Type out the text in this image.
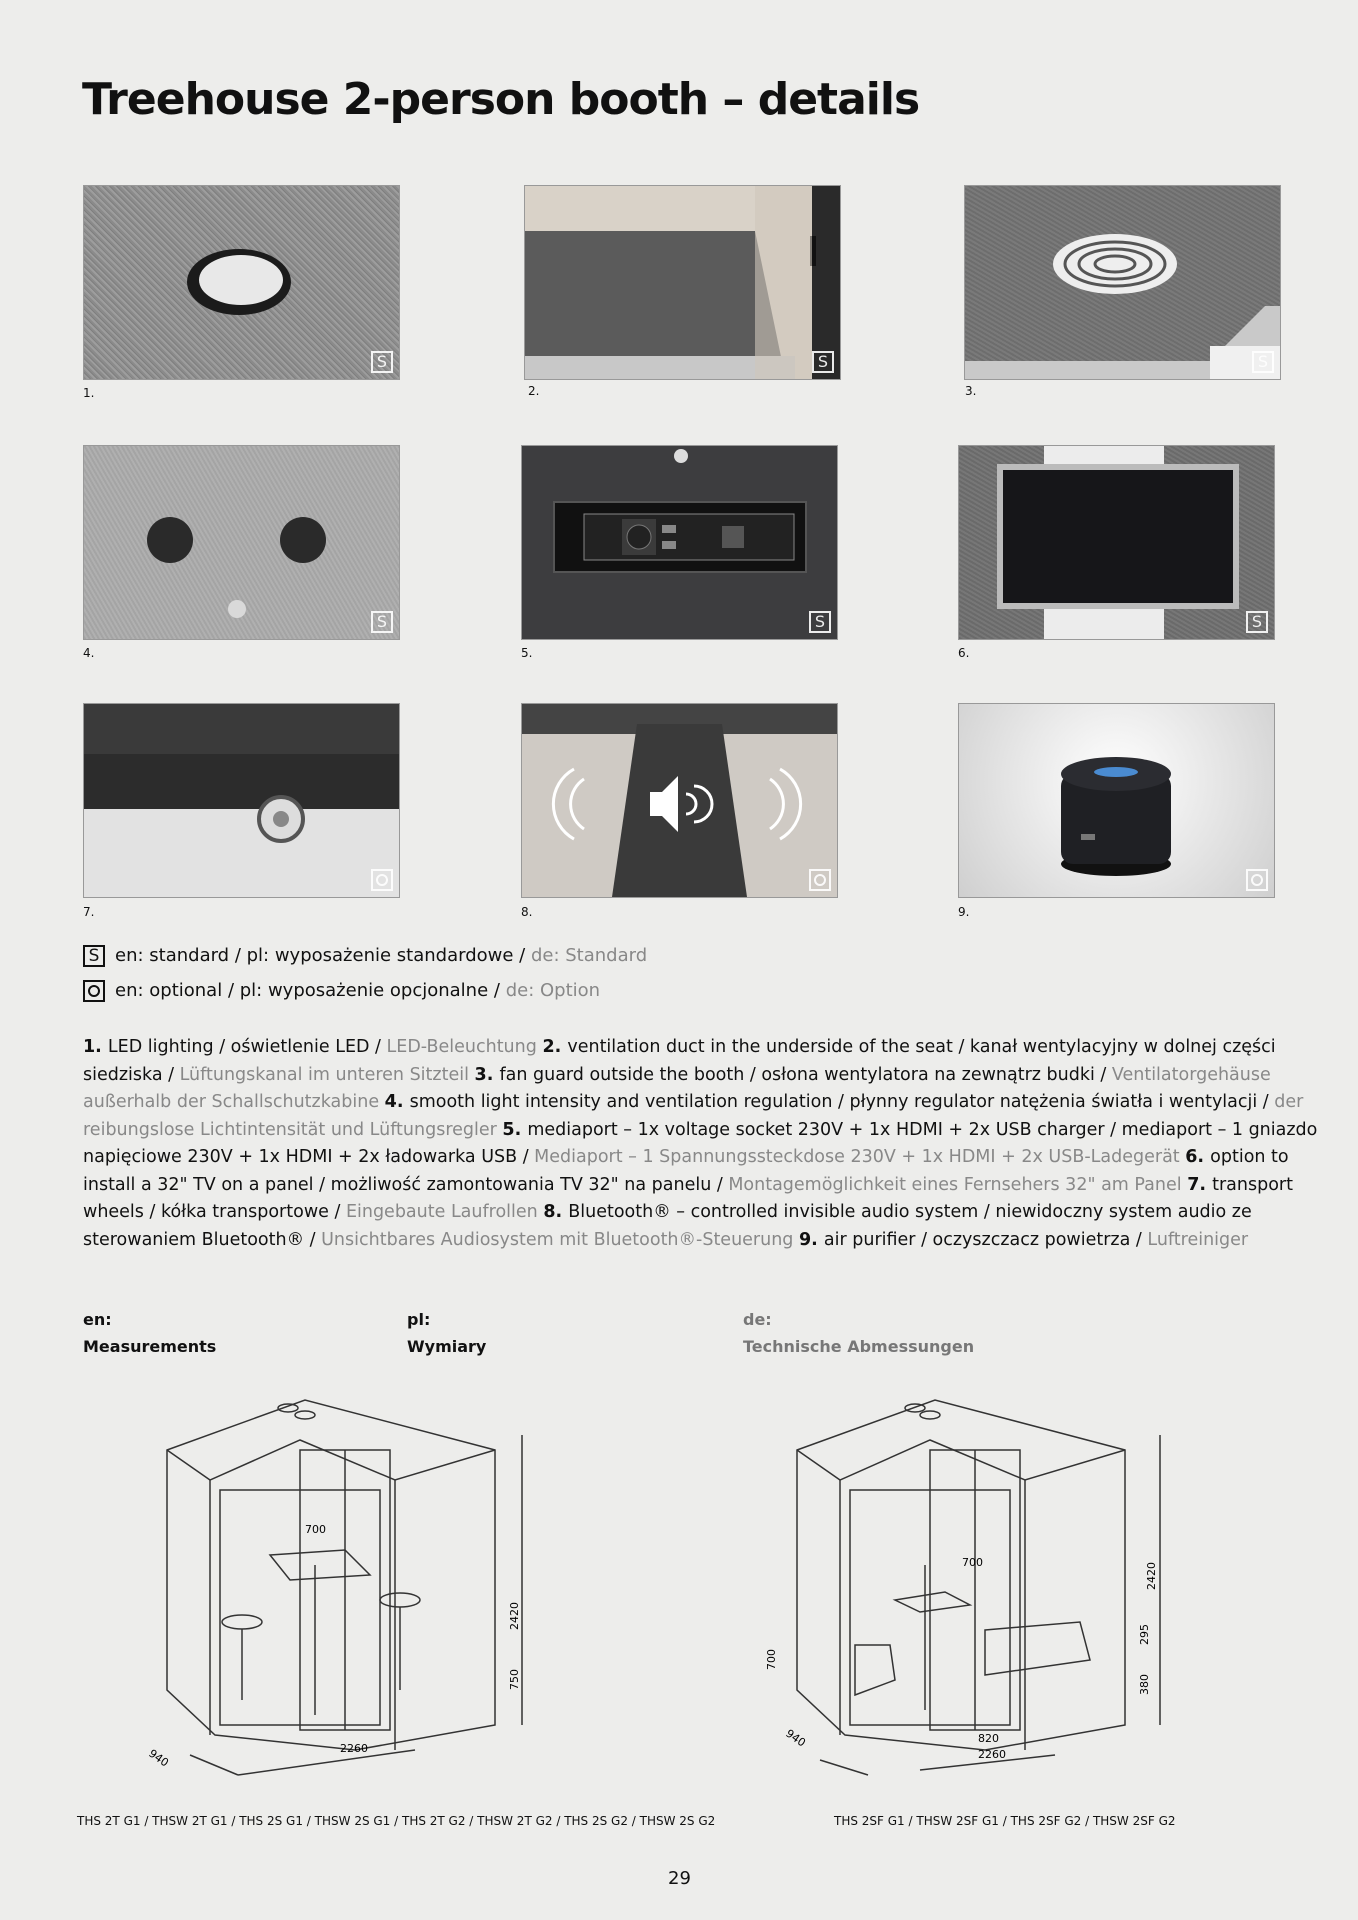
Treehouse 2-person booth – details
S
1.
S
2.
S
3.
S
4.
S
5.
S
6.
7.	8.	9.
S en: standard / pl: wyposażenie standardowe / de: Standard
en: optional / pl: wyposażenie opcjonalne / de: Option
1. LED lighting / oświetlenie LED / LED-Beleuchtung 2. ventilation duct in the underside of the seat / kanał wentylacyjny w dolnej części siedziska / Lüftungskanal im unteren Sitzteil 3. fan guard outside the booth / osłona wentylatora na zewnątrz budki / Ventilatorgehäuse außerhalb der Schallschutzkabine 4. smooth light intensity and ventilation regulation / płynny regulator natężenia światła i wentylacji / der reibungslose Lichtintensität und Lüftungsregler 5. mediaport – 1x voltage socket 230V + 1x HDMI + 2x USB charger / mediaport – 1 gniazdo napięciowe 230V + 1x HDMI + 2x ładowarka USB / Mediaport – 1 Spannungssteckdose 230V + 1x HDMI + 2x USB-Ladegerät 6. option to install a 32" TV on a panel / możliwość zamontowania TV 32" na panelu / Montagemöglichkeit eines Fernsehers 32" am Panel 7. transport wheels / kółka transportowe / Eingebaute Laufrollen 8. Bluetooth® – controlled invisible audio system / niewidoczny system audio ze sterowaniem Bluetooth® / Unsichtbares Audiosystem mit Bluetooth®-Steuerung 9. air purifier / oczyszczacz powietrza / Luftreiniger
en:
Measurements
pl:
Wymiary
de:
Technische Abmessungen
700
2420
750
2260
940
700	2420
295
380
700
820
2260
940
THS 2T G1 / THSW 2T G1 / THS 2S G1 / THSW 2S G1 / THS 2T G2 / THSW 2T G2 / THS 2S G2 / THSW 2S G2	THS 2SF G1 / THSW 2SF G1 / THS 2SF G2 / THSW 2SF G2
29
